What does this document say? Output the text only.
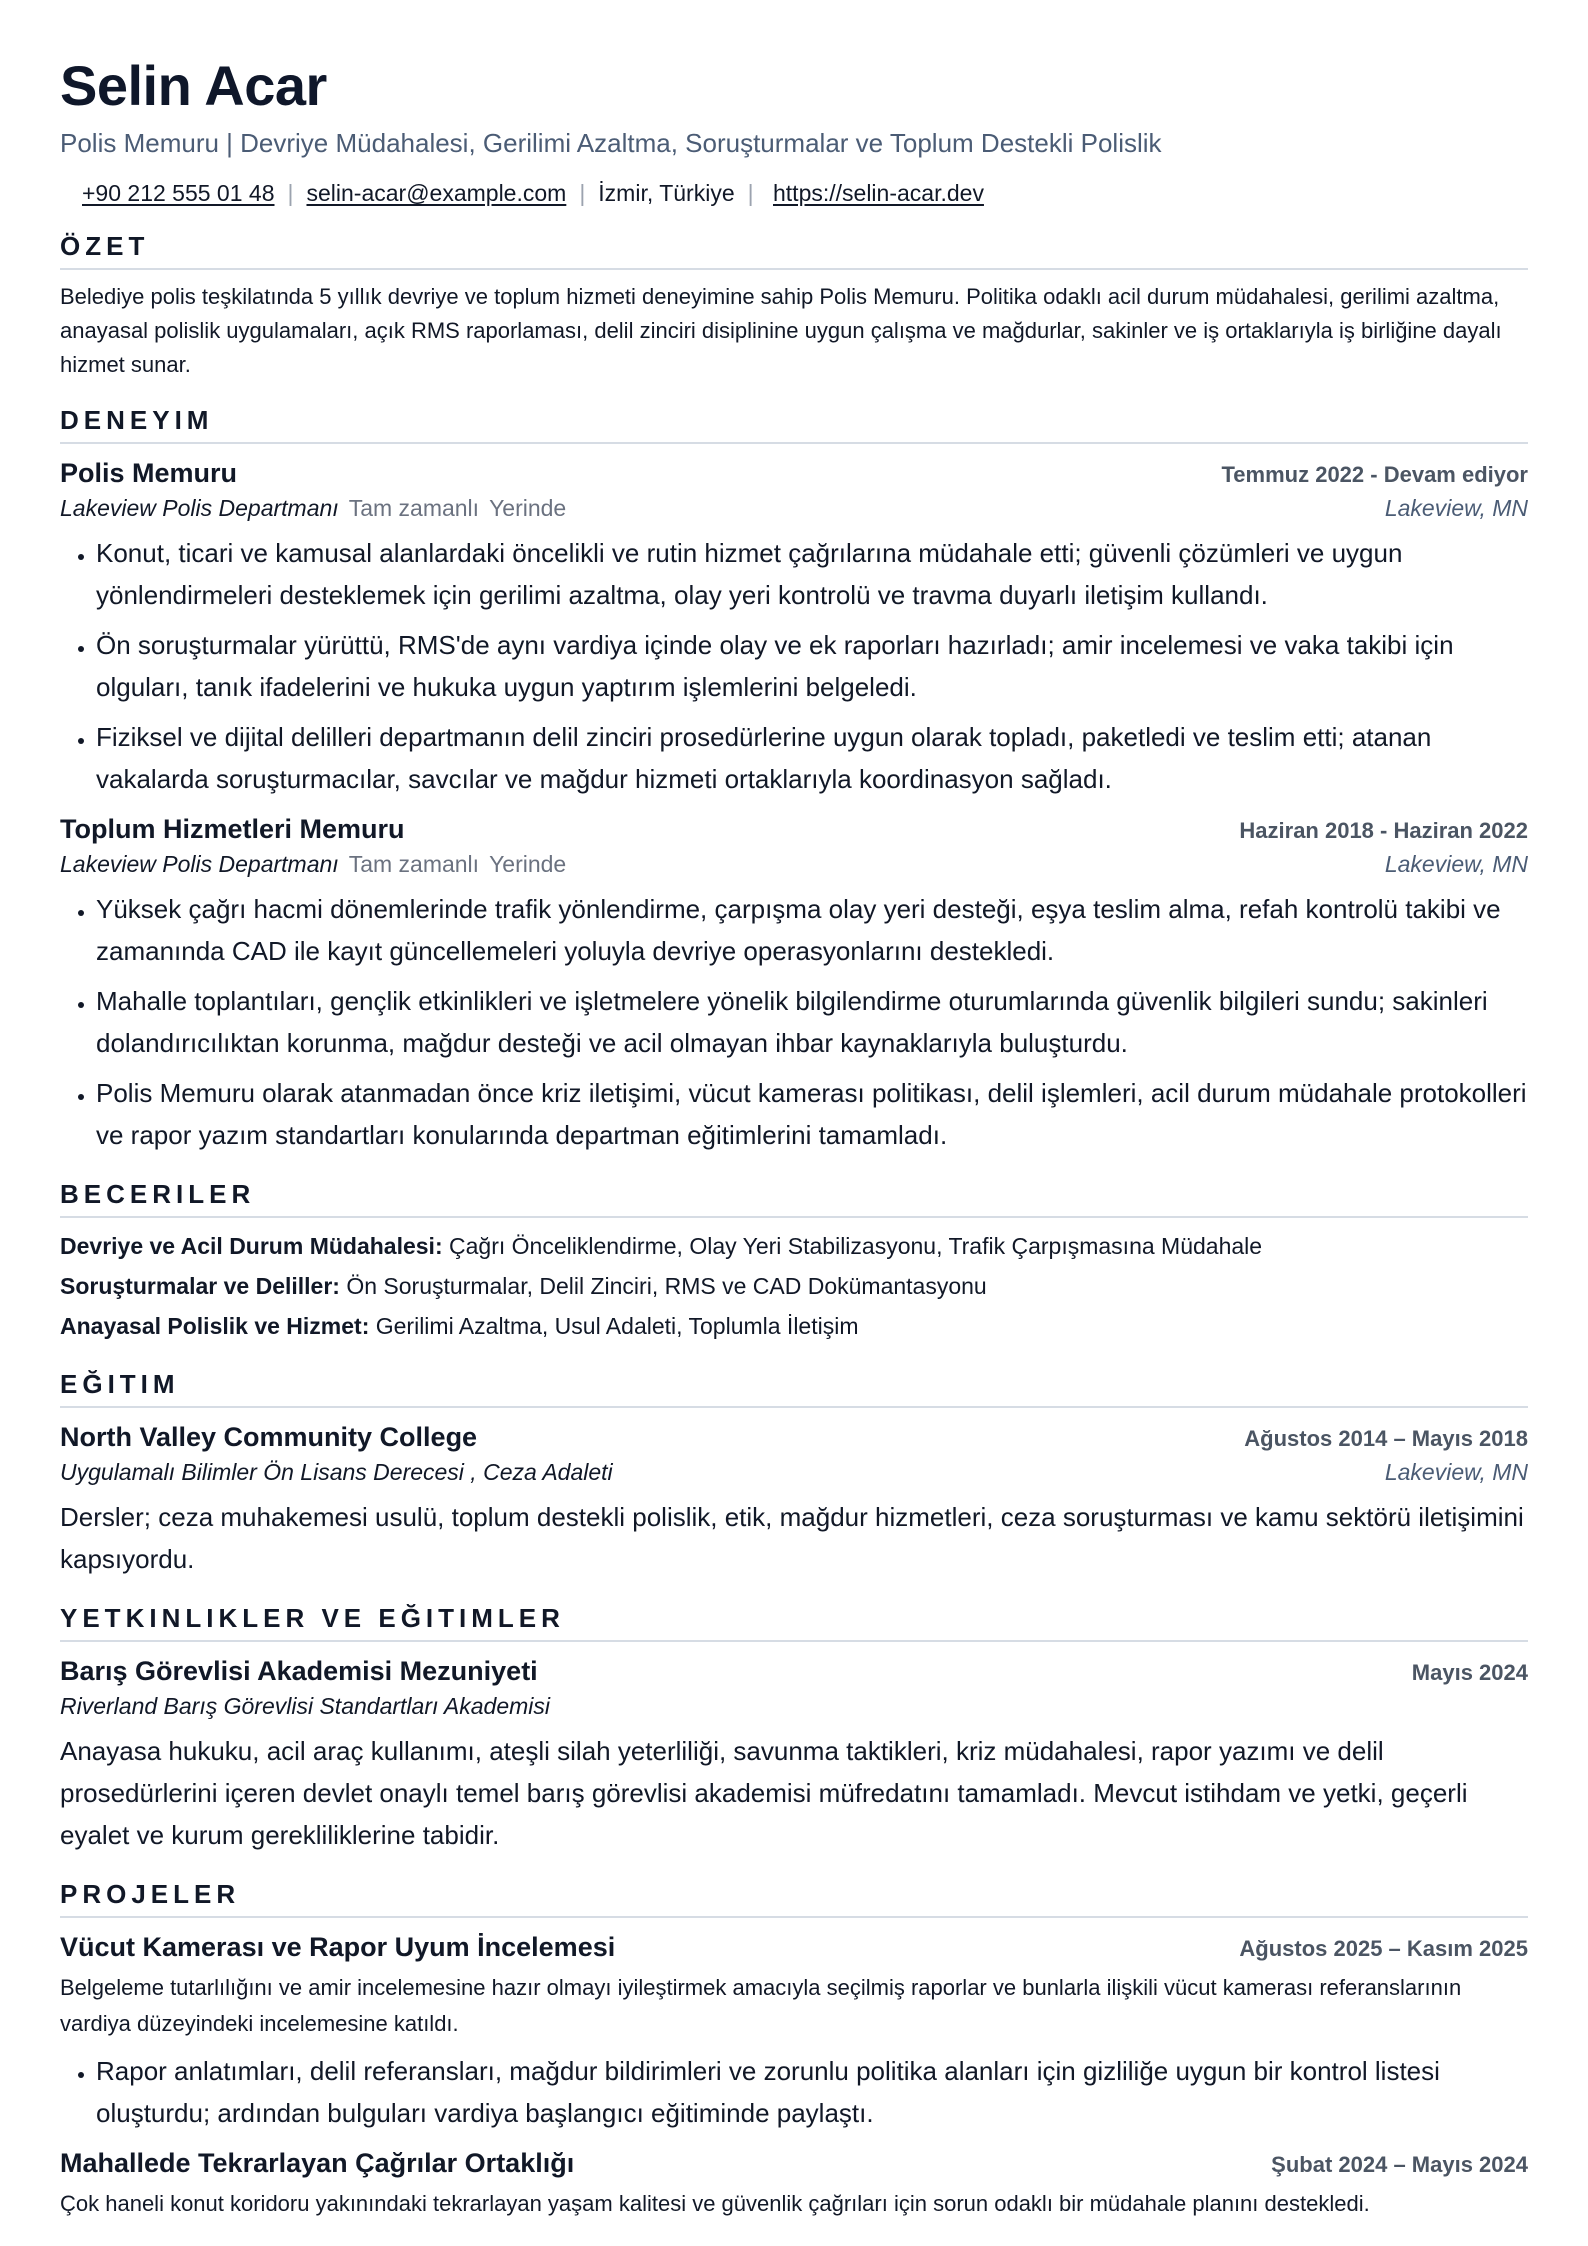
Selin Acar
Polis Memuru | Devriye Müdahalesi, Gerilimi Azaltma, Soruşturmalar ve Toplum Destekli Polislik
+90 212 555 01 48 | selin-acar@example.com | İzmir, Türkiye | https://selin-acar.dev
ÖZET
Belediye polis teşkilatında 5 yıllık devriye ve toplum hizmeti deneyimine sahip Polis Memuru. Politika odaklı acil durum müdahalesi, gerilimi azaltma, anayasal polislik uygulamaları, açık RMS raporlaması, delil zinciri disiplinine uygun çalışma ve mağdurlar, sakinler ve iş ortaklarıyla iş birliğine dayalı hizmet sunar.
DENEYIM
Polis Memuru	Temmuz 2022 - Devam ediyor
Lakeview Polis Departmanı Tam zamanlı Yerinde	Lakeview, MN
• Konut, ticari ve kamusal alanlardaki öncelikli ve rutin hizmet çağrılarına müdahale etti; güvenli çözümleri ve uygun yönlendirmeleri desteklemek için gerilimi azaltma, olay yeri kontrolü ve travma duyarlı iletişim kullandı.
• Ön soruşturmalar yürüttü, RMS'de aynı vardiya içinde olay ve ek raporları hazırladı; amir incelemesi ve vaka takibi için olguları, tanık ifadelerini ve hukuka uygun yaptırım işlemlerini belgeledi.
• Fiziksel ve dijital delilleri departmanın delil zinciri prosedürlerine uygun olarak topladı, paketledi ve teslim etti; atanan vakalarda soruşturmacılar, savcılar ve mağdur hizmeti ortaklarıyla koordinasyon sağladı.
Toplum Hizmetleri Memuru	Haziran 2018 - Haziran 2022
Lakeview Polis Departmanı Tam zamanlı Yerinde	Lakeview, MN
• Yüksek çağrı hacmi dönemlerinde trafik yönlendirme, çarpışma olay yeri desteği, eşya teslim alma, refah kontrolü takibi ve zamanında CAD ile kayıt güncellemeleri yoluyla devriye operasyonlarını destekledi.
• Mahalle toplantıları, gençlik etkinlikleri ve işletmelere yönelik bilgilendirme oturumlarında güvenlik bilgileri sundu; sakinleri dolandırıcılıktan korunma, mağdur desteği ve acil olmayan ihbar kaynaklarıyla buluşturdu.
• Polis Memuru olarak atanmadan önce kriz iletişimi, vücut kamerası politikası, delil işlemleri, acil durum müdahale protokolleri ve rapor yazım standartları konularında departman eğitimlerini tamamladı.
BECERILER
Devriye ve Acil Durum Müdahalesi: Çağrı Önceliklendirme, Olay Yeri Stabilizasyonu, Trafik Çarpışmasına Müdahale
Soruşturmalar ve Deliller: Ön Soruşturmalar, Delil Zinciri, RMS ve CAD Dokümantasyonu
Anayasal Polislik ve Hizmet: Gerilimi Azaltma, Usul Adaleti, Toplumla İletişim
EĞITIM
North Valley Community College	Ağustos 2014 – Mayıs 2018
Uygulamalı Bilimler Ön Lisans Derecesi , Ceza Adaleti	Lakeview, MN
Dersler; ceza muhakemesi usulü, toplum destekli polislik, etik, mağdur hizmetleri, ceza soruşturması ve kamu sektörü iletişimini kapsıyordu.
YETKINLIKLER VE EĞITIMLER
Barış Görevlisi Akademisi Mezuniyeti	Mayıs 2024
Riverland Barış Görevlisi Standartları Akademisi
Anayasa hukuku, acil araç kullanımı, ateşli silah yeterliliği, savunma taktikleri, kriz müdahalesi, rapor yazımı ve delil prosedürlerini içeren devlet onaylı temel barış görevlisi akademisi müfredatını tamamladı. Mevcut istihdam ve yetki, geçerli eyalet ve kurum gerekliliklerine tabidir.
PROJELER
Vücut Kamerası ve Rapor Uyum İncelemesi	Ağustos 2025 – Kasım 2025
Belgeleme tutarlılığını ve amir incelemesine hazır olmayı iyileştirmek amacıyla seçilmiş raporlar ve bunlarla ilişkili vücut kamerası referanslarının vardiya düzeyindeki incelemesine katıldı.
• Rapor anlatımları, delil referansları, mağdur bildirimleri ve zorunlu politika alanları için gizliliğe uygun bir kontrol listesi oluşturdu; ardından bulguları vardiya başlangıcı eğitiminde paylaştı.
Mahallede Tekrarlayan Çağrılar Ortaklığı	Şubat 2024 – Mayıs 2024
Çok haneli konut koridoru yakınındaki tekrarlayan yaşam kalitesi ve güvenlik çağrıları için sorun odaklı bir müdahale planını destekledi.
